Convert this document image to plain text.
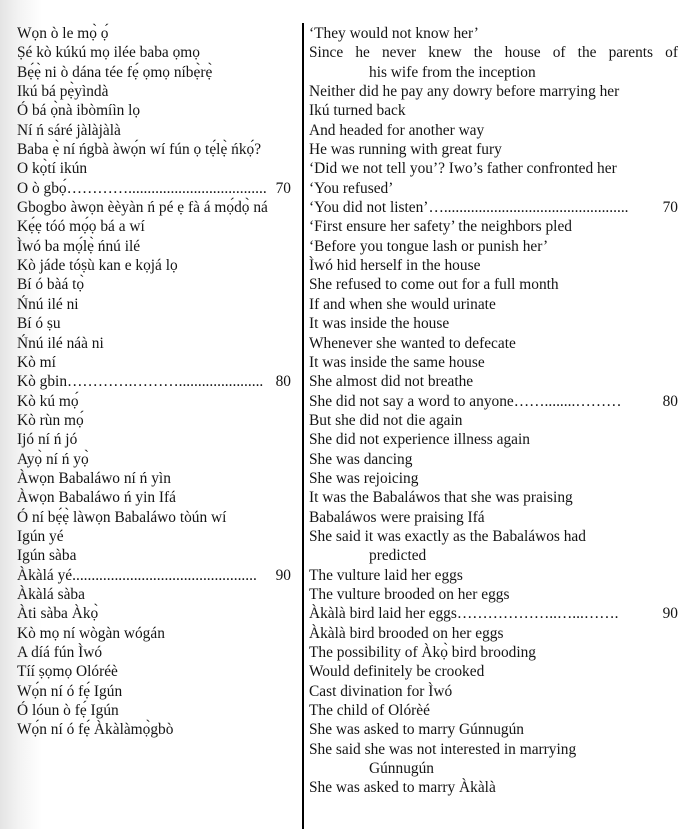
Wọn ò le mọ̀ ọ́
Ṣé kò kúkú mọ ilée baba ọmọ
Bẹ́ẹ̀ ni ò dána tée fẹ́ ọmọ níbẹ̀rẹ̀
Ikú bá pẹ̀yìndà
Ó bá ọ̀nà ibòmíìn lọ
Ní ń sáré jàlàjàlà
Baba ẹ̀ ní ńgbà àwọ́n wí fún ọ tẹ́lẹ̀ ńkọ́?
O kọ̀tí ikún
O ò gbọ́ ………….................................... 70
Gbogbo àwọn èèyàn ń pé ẹ fà á mọ́dọ̀ ná
Kẹ́ẹ tóó mọ́ọ bá a wí
Ìwó ba mọ́lẹ̀ ńnú ilé
Kò jáde tóṣù kan e kọjá lọ
Bí ó bàá tọ̀
Ńnú ilé ni
Bí ó ṣu
Ńnú ilé náà ni
Kò mí
Kò gbin ………….………...................... 80
Kò kú mọ́
Kò rùn mọ́
Ijó ní ń jó
Ayọ̀ ní ń yọ̀
Àwọn Babaláwo ní ń yìn
Àwọn Babaláwo ń yin Ifá
Ó ní bẹ́ẹ̀ làwọn Babaláwo tòún wí
Igún yé
Igún sàba
Àkàlá yé ................................................	90
Àkàlá sàba
Àti sàba Àkọ̀
Kò mọ ní wògàn wógán
A díá fún Ìwó
Tíí ṣọmọ Olóréè
Wọ́n ní ó fẹ́ Igún
Ó lóun ò fẹ́ Igún
Wọ́n ní ó fẹ́ Àkàlàmọ̀gbò
‘They would not know her’
Since he never knew the house of the parents of
his wife from the inception
Neither did he pay any dowry before marrying her
Ikú turned back
And headed for another way
He was running with great fury
‘Did we not tell you’? Iwo’s father confronted her
‘You refused’
‘You did not listen’ …................................................	70
‘First ensure her safety’ the neighbors pled
‘Before you tongue lash or punish her’
Ìwó hid herself in the house
She refused to come out for a full month
If and when she would urinate
It was inside the house
Whenever she wanted to defecate
It was inside the same house
She almost did not breathe
She did not say a word to anyone ……........………	80
But she did not die again
She did not experience illness again
She was dancing
She was rejoicing
It was the Babaláwos that she was praising
Babaláwos were praising Ifá
She said it was exactly as the Babaláwos had
predicted
The vulture laid her eggs
The vulture brooded on her eggs
Àkàlà bird laid her eggs ………………..…...…….	90
Àkàlà bird brooded on her eggs
The possibility of Àkọ̀ bird brooding
Would definitely be crooked
Cast divination for Ìwó
The child of Olórèé
She was asked to marry Gúnnugún
She said she was not interested in marrying
Gúnnugún
She was asked to marry Àkàlà
